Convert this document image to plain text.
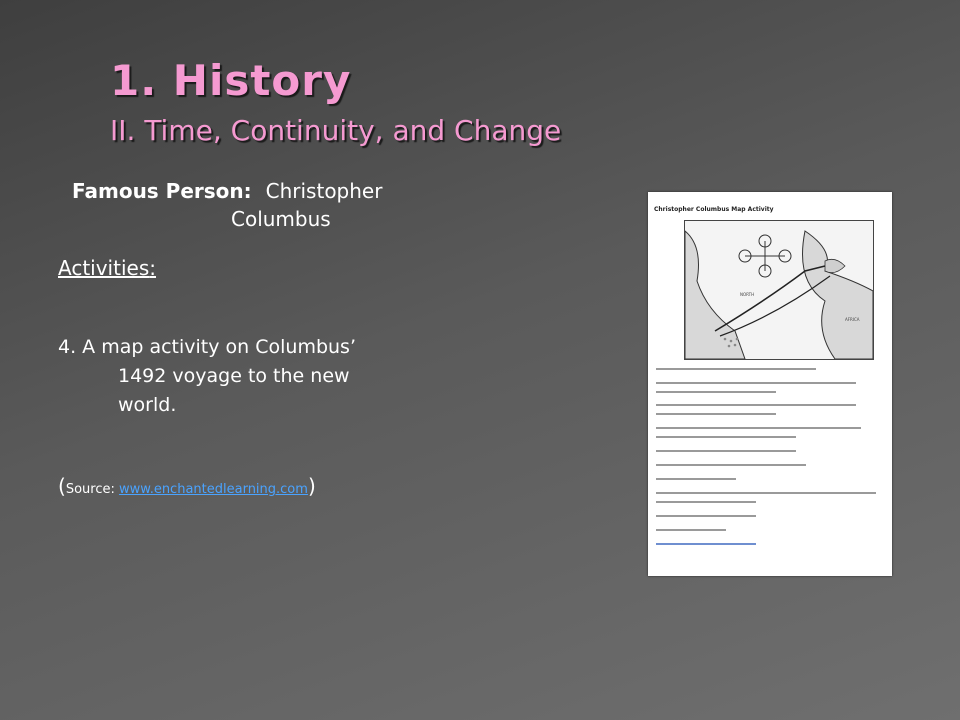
1. History
II. Time, Continuity, and Change
Famous Person: Christopher
Columbus
Activities:
4. A map activity on Columbus’
1492 voyage to the new
world.
(Source: www.enchantedlearning.com)
Christopher Columbus Map Activity
NORTH
AFRICA
